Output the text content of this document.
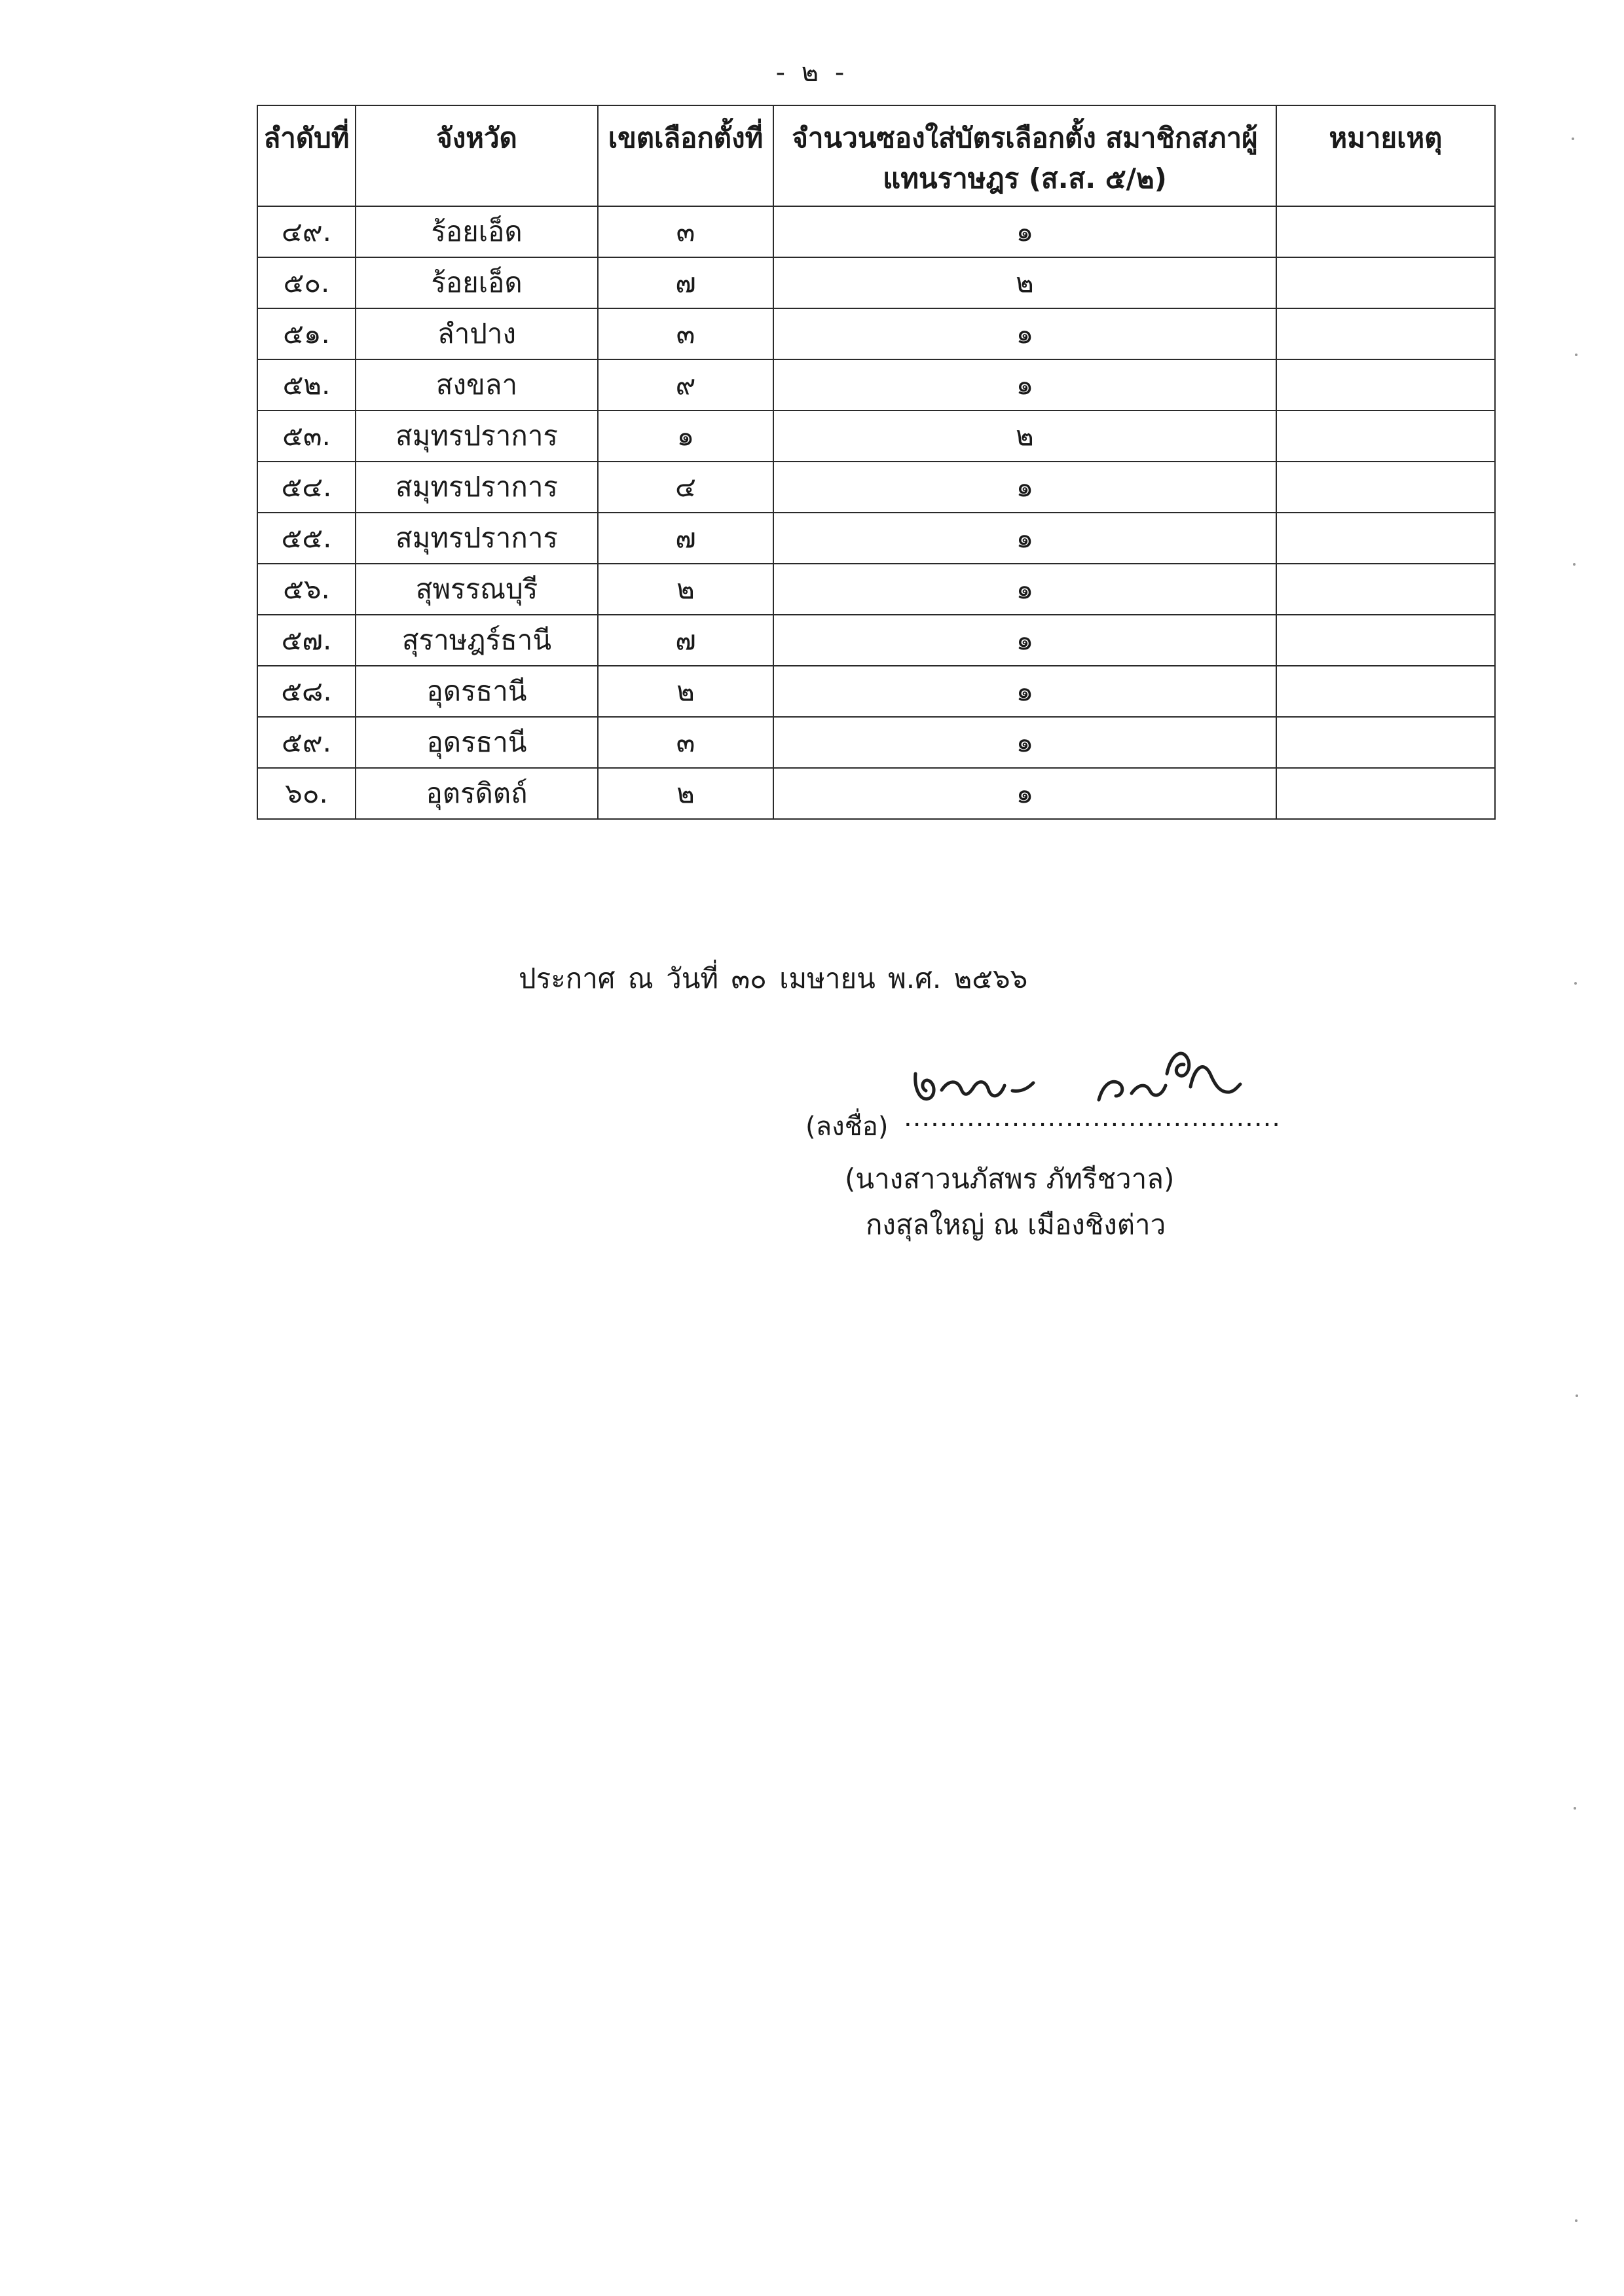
- ๒ -
ลำดับที่	จังหวัด	เขตเลือกตั้งที่	จำนวนซองใส่บัตรเลือกตั้ง สมาชิกสภาผู้แทนราษฎร (ส.ส. ๕/๒)	หมายเหตุ
๔๙.	ร้อยเอ็ด	๓	๑	
๕๐.	ร้อยเอ็ด	๗	๒	
๕๑.	ลำปาง	๓	๑	
๕๒.	สงขลา	๙	๑	
๕๓.	สมุทรปราการ	๑	๒	
๕๔.	สมุทรปราการ	๔	๑	
๕๕.	สมุทรปราการ	๗	๑	
๕๖.	สุพรรณบุรี	๒	๑	
๕๗.	สุราษฎร์ธานี	๗	๑	
๕๘.	อุดรธานี	๒	๑	
๕๙.	อุดรธานี	๓	๑	
๖๐.	อุตรดิตถ์	๒	๑	
ประกาศ ณ วันที่ ๓๐ เมษายน พ.ศ. ๒๕๖๖
(ลงชื่อ) ..........................................
(นางสาวนภัสพร ภัทรีชวาล)
กงสุลใหญ่ ณ เมืองชิงต่าว
